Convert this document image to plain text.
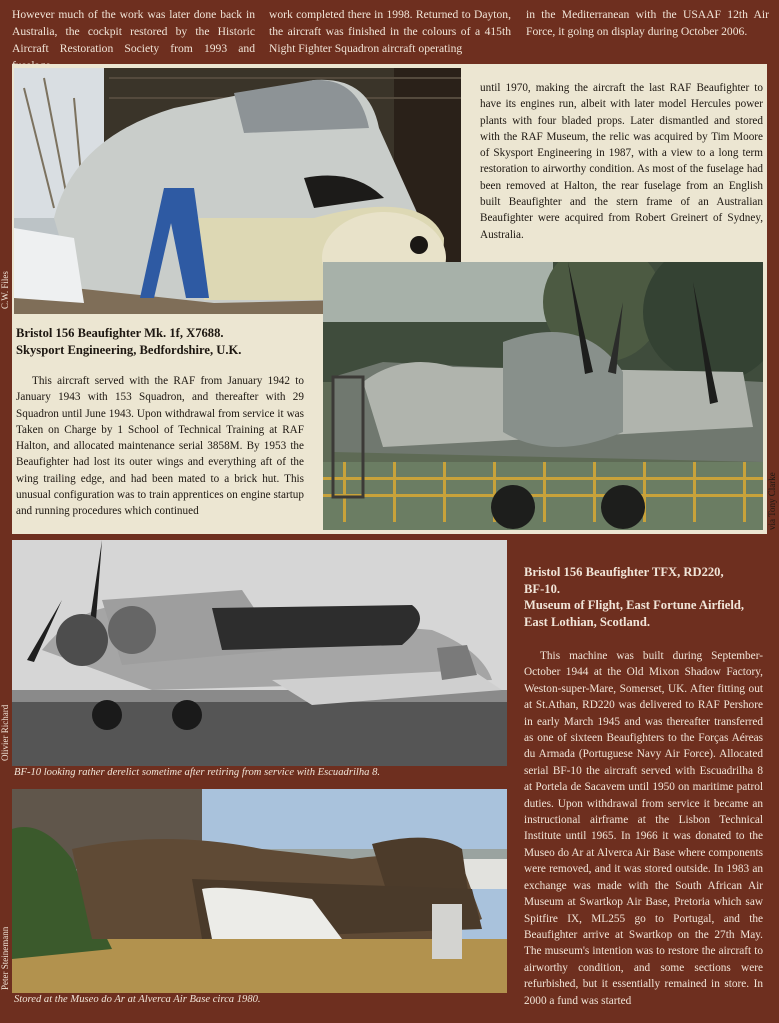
However much of the work was later done back in Australia, the cockpit restored by the Historic Aircraft Restoration Society from 1993 and
work completed there in 1998. Returned to Dayton, the aircraft was finished in the colours of a 415th Night Fighter Squadron aircraft operating
in the Mediterranean with the USAAF 12th Air Force, it going on display during October 2006.
C.W. Files
until 1970, making the aircraft the last RAF Beaufighter to have its engines run, albeit with later model Hercules power plants with four bladed props. Later dismantled and stored with the RAF Museum, the relic was acquired by Tim Moore of Skysport Engineering in 1987, with a view to a long term restoration to airworthy condition. As most of the fuselage had been removed at Halton, the rear fuselage from an English built Beaufighter and the stern frame of an Australian Beaufighter were acquired from Robert Greinert of Sydney, Australia.
Bristol 156 Beaufighter Mk. 1f, X7688.
Skysport Engineering, Bedfordshire, U.K.
This aircraft served with the RAF from January 1942 to January 1943 with 153 Squadron, and thereafter with 29 Squadron until June 1943. Upon withdrawal from service it was Taken on Charge by 1 School of Technical Training at RAF Halton, and allocated maintenance serial 3858M. By 1953 the Beaufighter had lost its outer wings and everything aft of the wing trailing edge, and had been mated to a brick hut. This unusual configuration was to train apprentices on engine startup and running procedures which continued	via Tony Clarke
Olivier Richard
BF-10 looking rather derelict sometime after retiring from service with Escuadrilha 8.
Peter Steinemann
Stored at the Museo do Ar at Alverca Air Base circa 1980.
Bristol 156 Beaufighter TFX, RD220,
BF-10.
Museum of Flight, East Fortune Airfield,
East Lothian, Scotland.
This machine was built during September-October 1944 at the Old Mixon Shadow Factory, Weston-super-Mare, Somerset, UK. After fitting out at St.Athan, RD220 was delivered to RAF Pershore in early March 1945 and was thereafter transferred as one of sixteen Beaufighters to the Forças Aéreas du Armada (Portuguese Navy Air Force). Allocated serial BF-10 the aircraft served with Escuadrilha 8 at Portela de Sacavem until 1950 on maritime patrol duties. Upon withdrawal from service it became an instructional airframe at the Lisbon Technical Institute until 1965. In 1966 it was donated to the Museo do Ar at Alverca Air Base where components were removed, and it was stored outside. In 1983 an exchange was made with the South African Air Museum at Swartkop Air Base, Pretoria which saw Spitfire IX, ML255 go to Portugal, and the Beaufighter arrive at Swartkop on the 27th May. The museum's intention was to restore the aircraft to airworthy condition, and some sections were refurbished, but it essentially remained in store. In 2000 a fund was started
